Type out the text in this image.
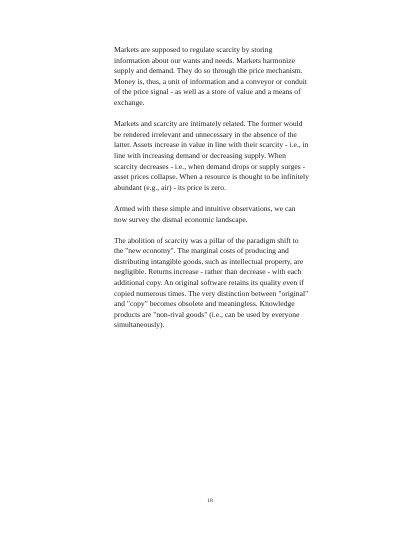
Markets are supposed to regulate scarcity by storing information about our wants and needs. Markets harmonize supply and demand. They do so through the price mechanism. Money is, thus, a unit of information and a conveyor or conduit of the price signal - as well as a store of value and a means of exchange.

Markets and scarcity are intimately related. The former would be rendered irrelevant and unnecessary in the absence of the latter. Assets increase in value in line with their scarcity - i.e., in line with increasing demand or decreasing supply. When scarcity decreases - i.e., when demand drops or supply surges - asset prices collapse. When a resource is thought to be infinitely abundant (e.g., air) - its price is zero.

Armed with these simple and intuitive observations, we can now survey the dismal economic landscape.

The abolition of scarcity was a pillar of the paradigm shift to the "new economy". The marginal costs of producing and distributing intangible goods, such as intellectual property, are negligible. Returns increase - rather than decrease - with each additional copy. An original software retains its quality even if copied numerous times. The very distinction between "original" and "copy" becomes obsolete and meaningless. Knowledge products are "non-rival goods" (i.e., can be used by everyone simultaneously).

18
